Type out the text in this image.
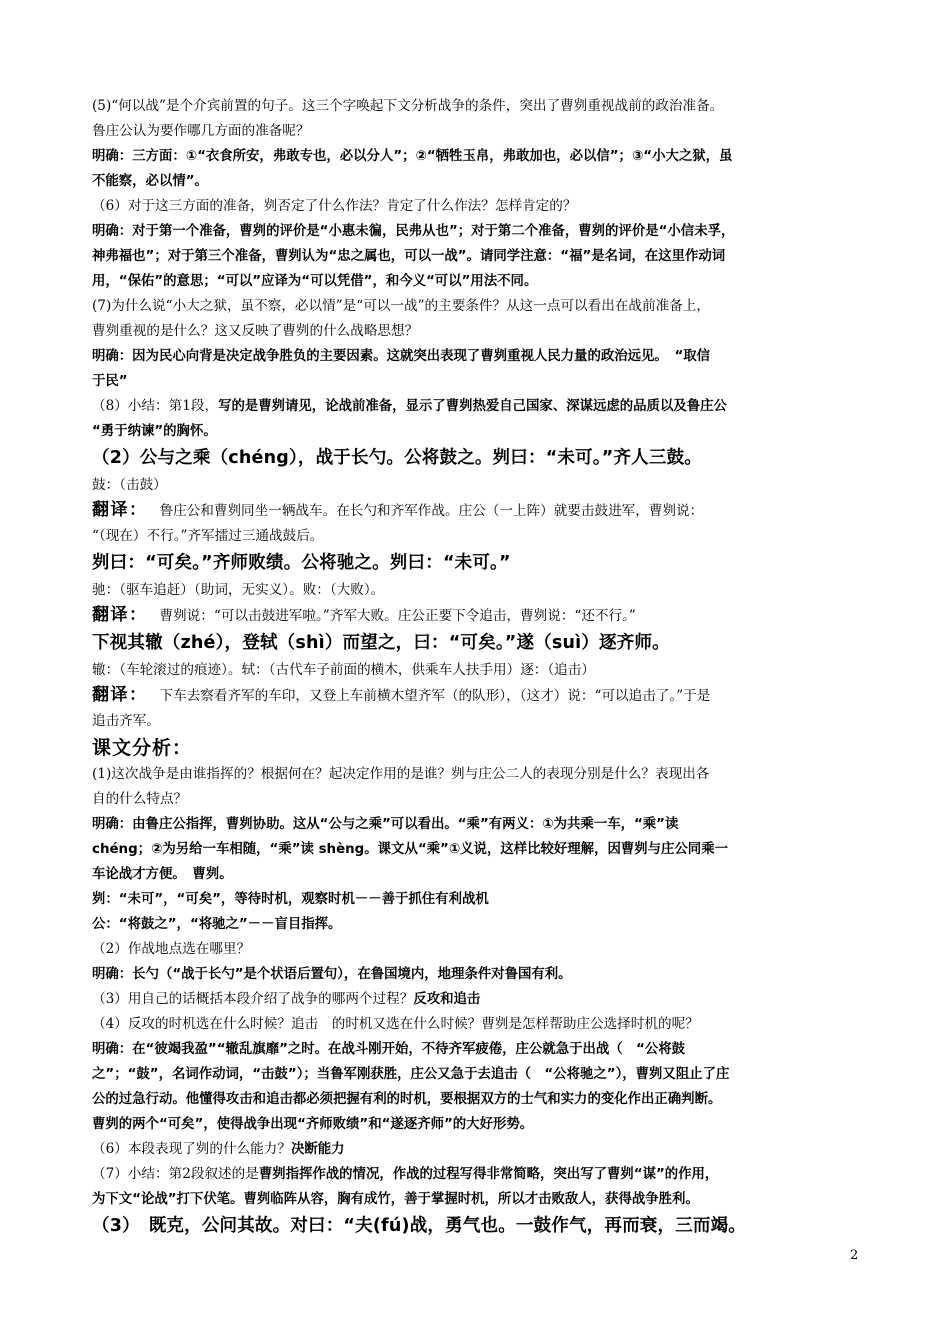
(5)“何以战”是个介宾前置的句子。这三个字唤起下文分析战争的条件，突出了曹刿重视战前的政治准备。

鲁庄公认为要作哪几方面的准备呢？

明确：三方面：①“衣食所安，弗敢专也，必以分人”；②“牺牲玉帛，弗敢加也，必以信”；③“小大之狱，虽

不能察，必以情”。

（6）对于这三方面的准备，刿否定了什么作法？肯定了什么作法？怎样肯定的？

明确：对于第一个准备，曹刿的评价是“小惠未徧，民弗从也”；对于第二个准备，曹刿的评价是“小信未孚，

神弗福也”；对于第三个准备，曹刿认为“忠之属也，可以一战”。请同学注意：“福”是名词，在这里作动词

用，“保佑”的意思；“可以”应译为“可以凭借”，和今义“可以”用法不同。

(7)为什么说“小大之狱，虽不察，必以情”是“可以一战”的主要条件？从这一点可以看出在战前准备上，

曹刿重视的是什么？这又反映了曹刿的什么战略思想？

明确：因为民心向背是决定战争胜负的主要因素。这就突出表现了曹刿重视人民力量的政治远见。　“取信

于民”

（8）小结：第1段，写的是曹刿请见，论战前准备，显示了曹刿热爱自己国家、深谋远虑的品质以及鲁庄公

“勇于纳谏”的胸怀。

（2）公与之乘（chéng），战于长勺。公将鼓之。刿曰：“未可。”齐人三鼓。

鼓：（击鼓）

翻译： 鲁庄公和曹刿同坐一辆战车。在长勺和齐军作战。庄公（一上阵）就要击鼓进军，曹刿说：

“（现在）不行。”齐军擂过三通战鼓后。

刿曰：“可矣。”齐师败绩。公将驰之。刿曰：“未可。”

驰：（驱车追赶）（助词，无实义）。败：（大败）。

翻译： 曹刿说：“可以击鼓进军啦。”齐军大败。庄公正要下令追击，曹刿说：“还不行。”

下视其辙（zhé），登轼（shì）而望之，曰：“可矣。”遂（suì）逐齐师。

辙：（车轮滚过的痕迹）。轼：（古代车子前面的横木，供乘车人扶手用）逐：（追击）

翻译： 下车去察看齐军的车印，又登上车前横木望齐军（的队形），（这才）说：“可以追击了。”于是

追击齐军。

课文分析：

(1)这次战争是由谁指挥的？根据何在？起决定作用的是谁？刿与庄公二人的表现分别是什么？表现出各

自的什么特点？

明确：由鲁庄公指挥，曹刿协助。这从“公与之乘”可以看出。“乘”有两义：①为共乘一车，“乘”读

chéng；②为另给一车相随，“乘”读 shèng。课文从“乘”①义说，这样比较好理解，因曹刿与庄公同乘一

车论战才方便。　曹刿。

刿：“未可”，“可矣”，等待时机，观察时机－－善于抓住有利战机

公：“将鼓之”，“将驰之”－－盲目指挥。

（2）作战地点选在哪里？

明确：长勺（“战于长勺”是个状语后置句），在鲁国境内，地理条件对鲁国有利。

（3）用自己的话概括本段介绍了战争的哪两个过程？反攻和追击

（4）反攻的时机选在什么时候？追击　的时机又选在什么时候？曹刿是怎样帮助庄公选择时机的呢？

明确：在“彼竭我盈”“辙乱旗靡”之时。在战斗刚开始，不待齐军疲倦，庄公就急于出战（　“公将鼓

之”；“鼓”，名词作动词，“击鼓”）；当鲁军刚获胜，庄公又急于去追击（　“公将驰之”），曹刿又阻止了庄

公的过急行动。他懂得攻击和追击都必须把握有利的时机，要根据双方的士气和实力的变化作出正确判断。

曹刿的两个“可矣”，使得战争出现“齐师败绩”和“遂逐齐师”的大好形势。

（6）本段表现了刿的什么能力？决断能力

（7）小结：第2段叙述的是曹刿指挥作战的情况，作战的过程写得非常简略，突出写了曹刿“谋”的作用，

为下文“论战”打下伏笔。曹刿临阵从容，胸有成竹，善于掌握时机，所以才击败敌人，获得战争胜利。

（3）　既克，公问其故。对曰：“夫(fú)战，勇气也。一鼓作气，再而衰，三而竭。

2
